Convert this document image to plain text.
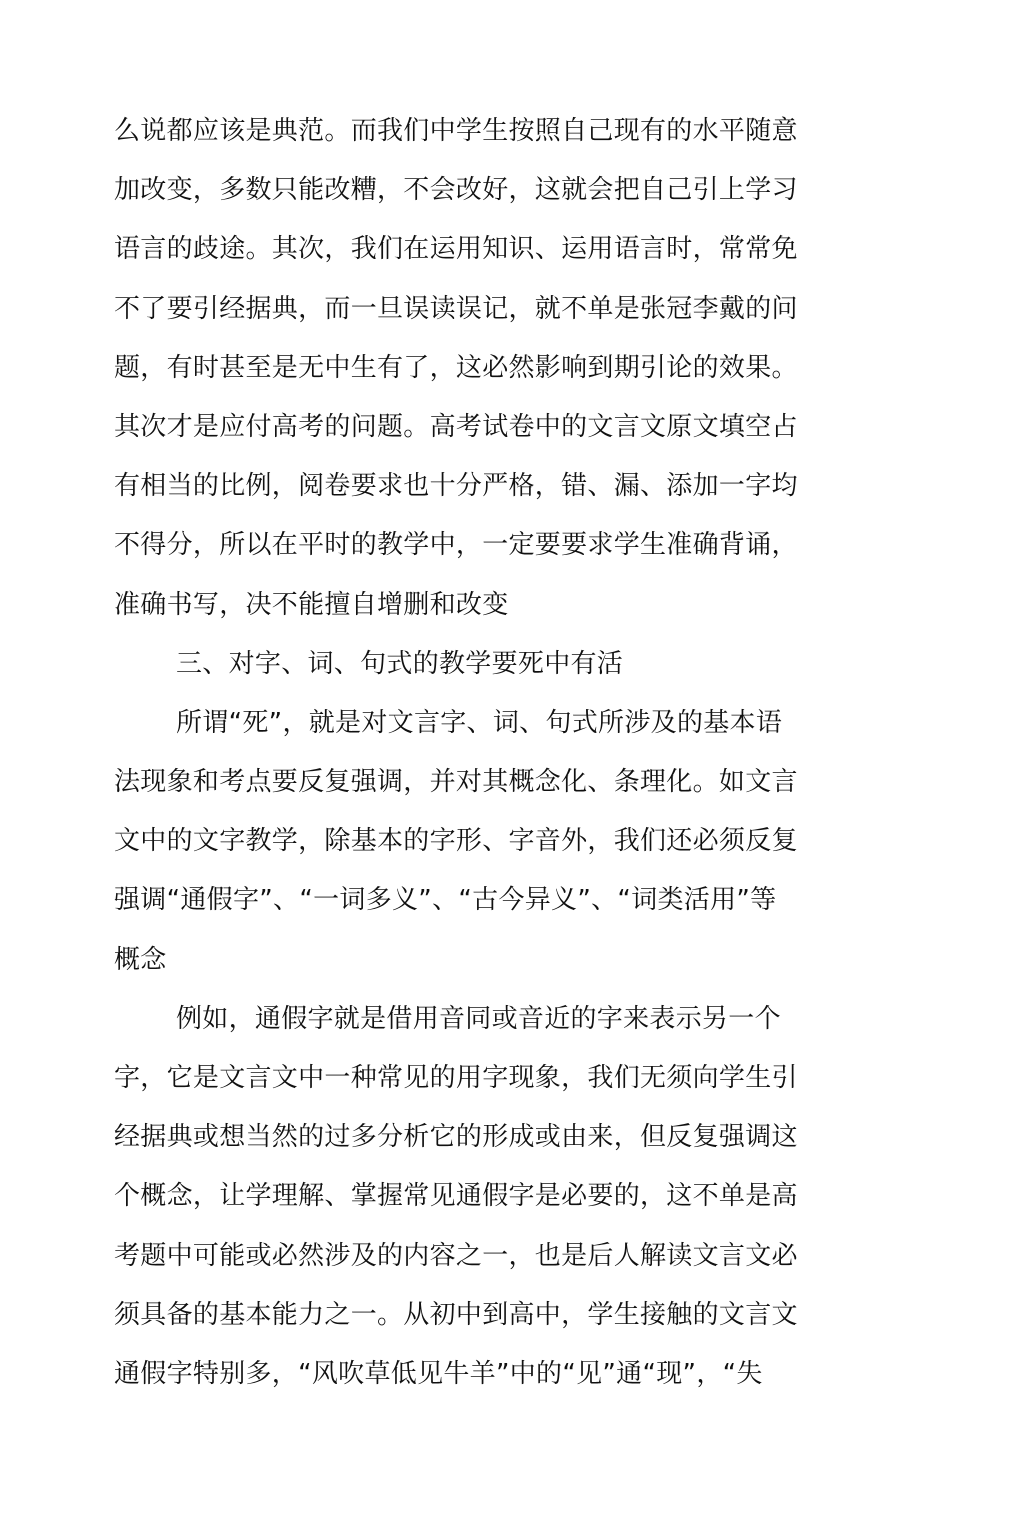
么说都应该是典范。而我们中学生按照自己现有的水平随意
加改变，多数只能改糟，不会改好，这就会把自己引上学习
语言的歧途。其次，我们在运用知识、运用语言时，常常免
不了要引经据典，而一旦误读误记，就不单是张冠李戴的问
题，有时甚至是无中生有了，这必然影响到期引论的效果。
其次才是应付高考的问题。高考试卷中的文言文原文填空占
有相当的比例，阅卷要求也十分严格，错、漏、添加一字均
不得分，所以在平时的教学中，一定要要求学生准确背诵，
准确书写，决不能擅自增删和改变
三、对字、词、句式的教学要死中有活
所谓“死”，就是对文言字、词、句式所涉及的基本语
法现象和考点要反复强调，并对其概念化、条理化。如文言
文中的文字教学，除基本的字形、字音外，我们还必须反复
强调“通假字”、“一词多义”、“古今异义”、“词类活用”等
概念
例如，通假字就是借用音同或音近的字来表示另一个
字，它是文言文中一种常见的用字现象，我们无须向学生引
经据典或想当然的过多分析它的形成或由来，但反复强调这
个概念，让学理解、掌握常见通假字是必要的，这不单是高
考题中可能或必然涉及的内容之一，也是后人解读文言文必
须具备的基本能力之一。从初中到高中，学生接触的文言文
通假字特别多，“风吹草低见牛羊”中的“见”通“现”，“失
